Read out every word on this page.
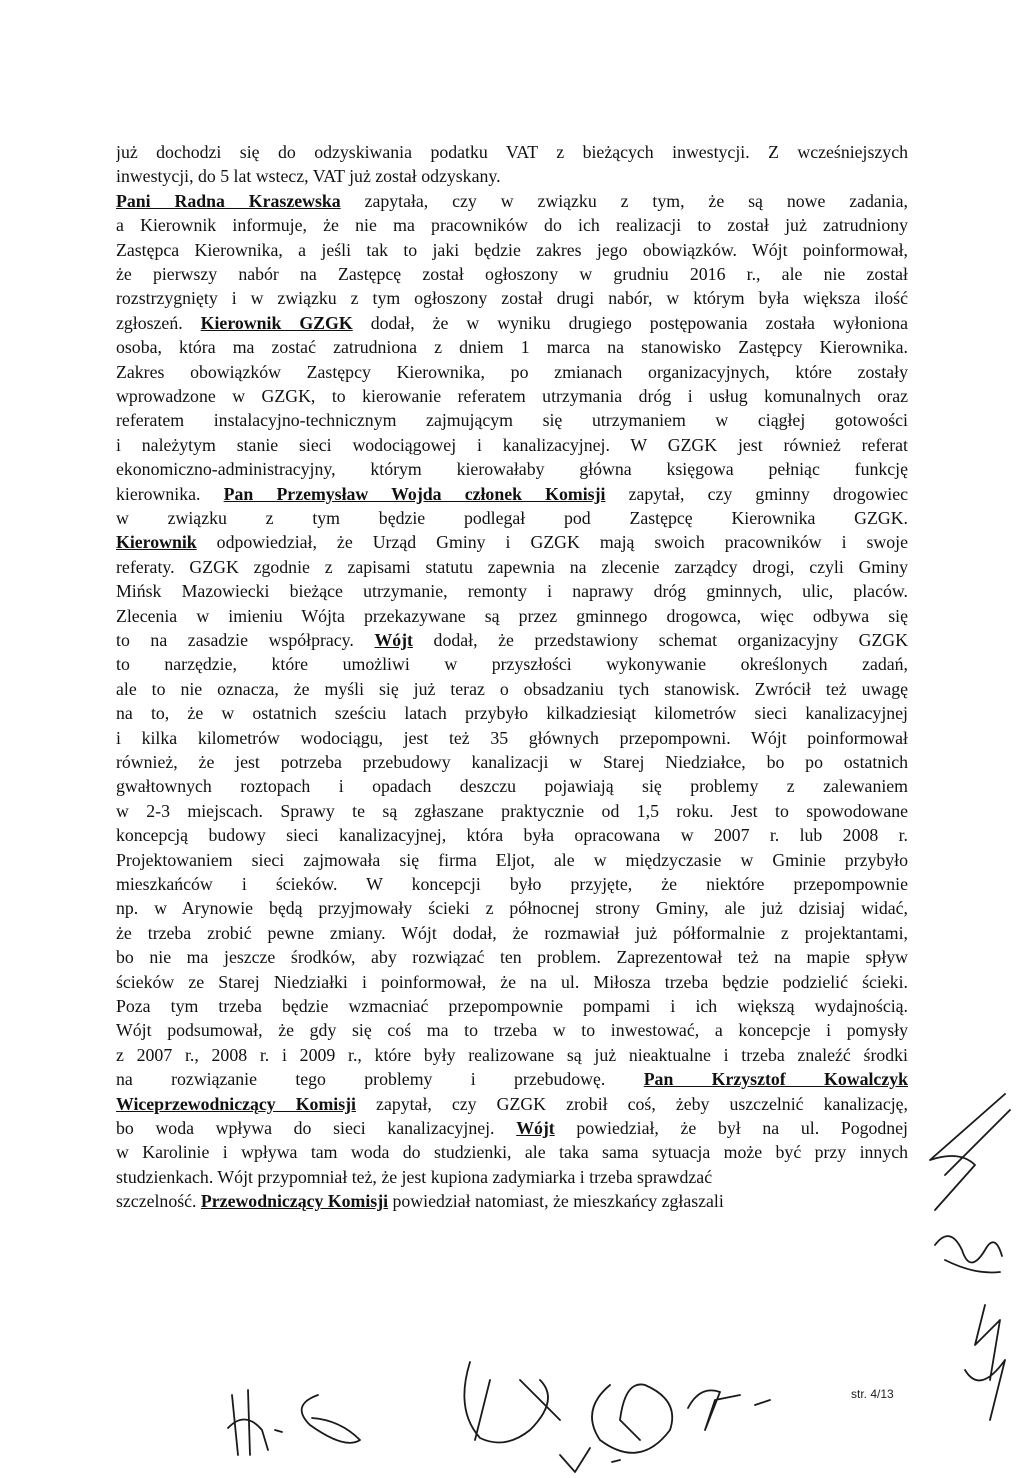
już dochodzi się do odzyskiwania podatku VAT z bieżących inwestycji. Z wcześniejszych
inwestycji, do 5 lat wstecz, VAT już został odzyskany.
Pani Radna Kraszewska zapytała, czy w związku z tym, że są nowe zadania,
a Kierownik informuje, że nie ma pracowników do ich realizacji to został już zatrudniony
Zastępca Kierownika, a jeśli tak to jaki będzie zakres jego obowiązków. Wójt poinformował,
że pierwszy nabór na Zastępcę został ogłoszony w grudniu 2016 r., ale nie został
rozstrzygnięty i w związku z tym ogłoszony został drugi nabór, w którym była większa ilość
zgłoszeń. Kierownik GZGK dodał, że w wyniku drugiego postępowania została wyłoniona
osoba, która ma zostać zatrudniona z dniem 1 marca na stanowisko Zastępcy Kierownika.
Zakres obowiązków Zastępcy Kierownika, po zmianach organizacyjnych, które zostały
wprowadzone w GZGK, to kierowanie referatem utrzymania dróg i usług komunalnych oraz
referatem instalacyjno-technicznym zajmującym się utrzymaniem w ciągłej gotowości
i należytym stanie sieci wodociągowej i kanalizacyjnej. W GZGK jest również referat
ekonomiczno-administracyjny, którym kierowałaby główna księgowa pełniąc funkcję
kierownika. Pan Przemysław Wojda członek Komisji zapytał, czy gminny drogowiec
w związku z tym będzie podlegał pod Zastępcę Kierownika GZGK.
Kierownik odpowiedział, że Urząd Gminy i GZGK mają swoich pracowników i swoje
referaty. GZGK zgodnie z zapisami statutu zapewnia na zlecenie zarządcy drogi, czyli Gminy
Mińsk Mazowiecki bieżące utrzymanie, remonty i naprawy dróg gminnych, ulic, placów.
Zlecenia w imieniu Wójta przekazywane są przez gminnego drogowca, więc odbywa się
to na zasadzie współpracy. Wójt dodał, że przedstawiony schemat organizacyjny GZGK
to narzędzie, które umożliwi w przyszłości wykonywanie określonych zadań,
ale to nie oznacza, że myśli się już teraz o obsadzaniu tych stanowisk. Zwrócił też uwagę
na to, że w ostatnich sześciu latach przybyło kilkadziesiąt kilometrów sieci kanalizacyjnej
i kilka kilometrów wodociągu, jest też 35 głównych przepompowni. Wójt poinformował
również, że jest potrzeba przebudowy kanalizacji w Starej Niedziałce, bo po ostatnich
gwałtownych roztopach i opadach deszczu pojawiają się problemy z zalewaniem
w 2-3 miejscach. Sprawy te są zgłaszane praktycznie od 1,5 roku. Jest to spowodowane
koncepcją budowy sieci kanalizacyjnej, która była opracowana w 2007 r. lub 2008 r.
Projektowaniem sieci zajmowała się firma Eljot, ale w międzyczasie w Gminie przybyło
mieszkańców i ścieków. W koncepcji było przyjęte, że niektóre przepompownie
np. w Arynowie będą przyjmowały ścieki z północnej strony Gminy, ale już dzisiaj widać,
że trzeba zrobić pewne zmiany. Wójt dodał, że rozmawiał już półformalnie z projektantami,
bo nie ma jeszcze środków, aby rozwiązać ten problem. Zaprezentował też na mapie spływ
ścieków ze Starej Niedziałki i poinformował, że na ul. Miłosza trzeba będzie podzielić ścieki.
Poza tym trzeba będzie wzmacniać przepompownie pompami i ich większą wydajnością.
Wójt podsumował, że gdy się coś ma to trzeba w to inwestować, a koncepcje i pomysły
z 2007 r., 2008 r. i 2009 r., które były realizowane są już nieaktualne i trzeba znaleźć środki
na rozwiązanie tego problemy i przebudowę. Pan Krzysztof Kowalczyk
Wiceprzewodniczący Komisji zapytał, czy GZGK zrobił coś, żeby uszczelnić kanalizację,
bo woda wpływa do sieci kanalizacyjnej. Wójt powiedział, że był na ul. Pogodnej
w Karolinie i wpływa tam woda do studzienki, ale taka sama sytuacja może być przy innych
studzienkach. Wójt przypomniał też, że jest kupiona zadymiarka i trzeba sprawdzać
szczelność. Przewodniczący Komisji powiedział natomiast, że mieszkańcy zgłaszali
str. 4/13
